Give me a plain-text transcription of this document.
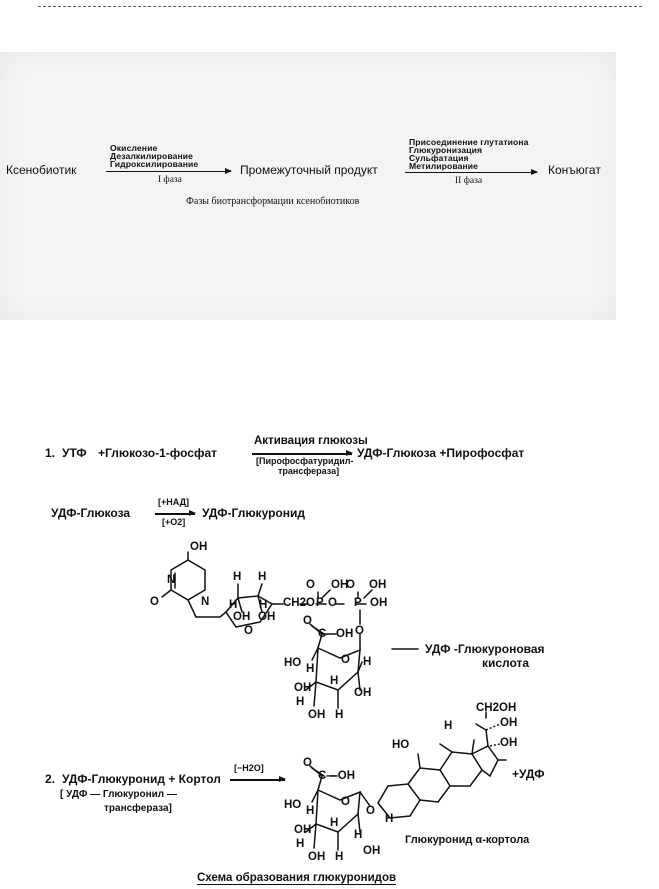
Ксенобиотик
Окисление
Дезалкилирование
Гидроксилирование
I фаза
Промежуточный продукт
Присоединение глутатиона
Глюкуронизация
Сульфатация
Метилирование
II фаза
Конъюгат
Фазы биотрансформации ксенобиотиков
1. УТФ +Глюкозо-1-фосфат
Активация глюкозы
[Пирофосфатуридил-
трансфераза]
УДФ-Глюкоза +Пирофосфат
УДФ-Глюкоза
[+НАД]
[+О2]
УДФ-Глюкуронид
OH
N
N
O
H H
H H
OH OH
CH2 O P
O OH
O
O OH
P OH
O
O
C OH O
HO H
O H
OH
H
OH
H
OH H
УДФ -Глюкуроновая
кислота
2. УДФ-Глюкуронид + Кортол
[−H2O]
[ УДФ — Глюкуронил —
трансфераза]
CH2OH
H	OH
OH
HO
+УДФ
O
C—OH
O
HO H
O
H
OH	H
OH
H
OH H
H
Глюкуронид α-кортола
Схема образования глюкуронидов
